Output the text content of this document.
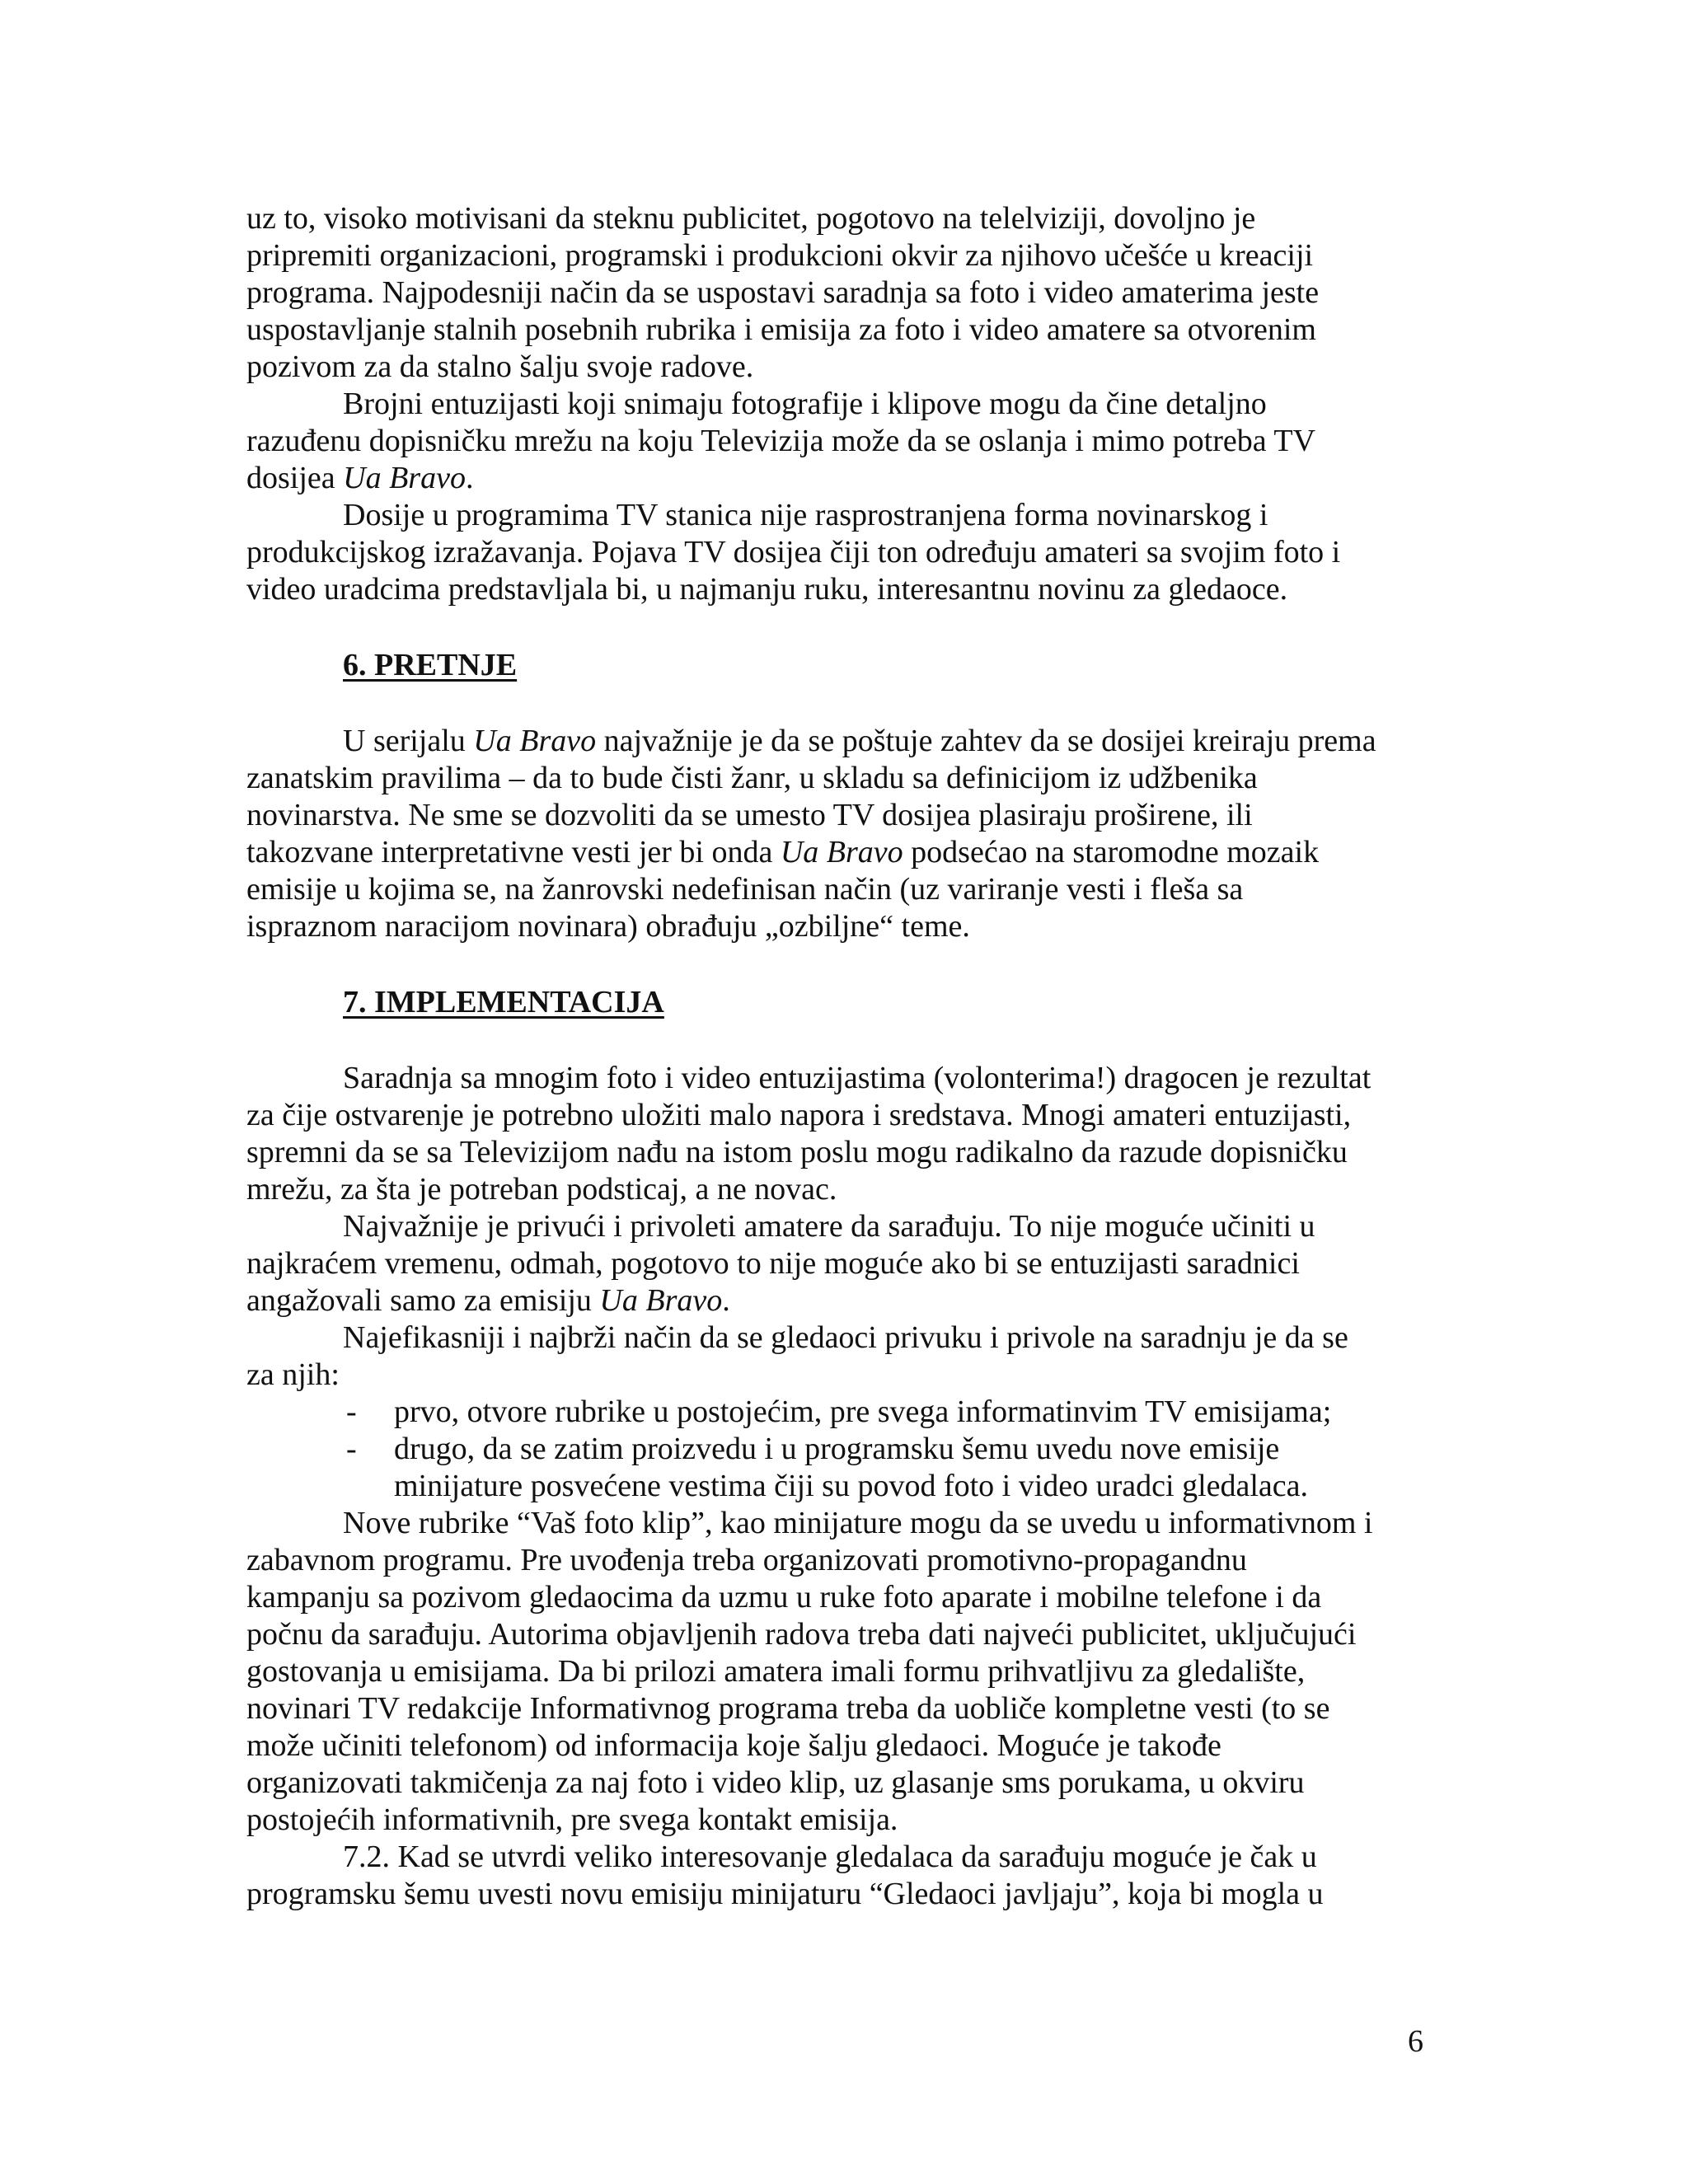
uz to, visoko motivisani da steknu publicitet, pogotovo na telelviziji, dovoljno je

pripremiti organizacioni, programski i produkcioni okvir za njihovo učešće u kreaciji

programa. Najpodesniji način da se uspostavi saradnja sa foto i video amaterima jeste

uspostavljanje stalnih posebnih rubrika i emisija za foto i video amatere sa otvorenim

pozivom za da stalno šalju svoje radove.

Brojni entuzijasti koji snimaju fotografije i klipove mogu da čine detaljno

razuđenu dopisničku mrežu na koju Televizija može da se oslanja i mimo potreba TV

dosijea Ua Bravo.

Dosije u programima TV stanica nije rasprostranjena forma novinarskog i

produkcijskog izražavanja. Pojava TV dosijea čiji ton određuju amateri sa svojim foto i

video uradcima predstavljala bi, u najmanju ruku, interesantnu novinu za gledaoce.

6. PRETNJE

U serijalu Ua Bravo najvažnije je da se poštuje zahtev da se dosijei kreiraju prema

zanatskim pravilima – da to bude čisti žanr, u skladu sa definicijom iz udžbenika

novinarstva. Ne sme se dozvoliti da se umesto TV dosijea plasiraju proširene, ili

takozvane interpretativne vesti jer bi onda Ua Bravo podsećao na staromodne mozaik

emisije u kojima se, na žanrovski nedefinisan način (uz variranje vesti i fleša sa

ispraznom naracijom novinara) obrađuju „ozbiljne“ teme.

7. IMPLEMENTACIJA

Saradnja sa mnogim foto i video entuzijastima (volonterima!) dragocen je rezultat

za čije ostvarenje je potrebno uložiti malo napora i sredstava. Mnogi amateri entuzijasti,

spremni da se sa Televizijom nađu na istom poslu mogu radikalno da razude dopisničku

mrežu, za šta je potreban podsticaj, a ne novac.

Najvažnije je privući i privoleti amatere da sarađuju. To nije moguće učiniti u

najkraćem vremenu, odmah, pogotovo to nije moguće ako bi se entuzijasti saradnici

angažovali samo za emisiju Ua Bravo.

Najefikasniji i najbrži način da se gledaoci privuku i privole na saradnju je da se

za njih:

- prvo, otvore rubrike u postojećim, pre svega informatinvim TV emisijama;

- drugo, da se zatim proizvedu i u programsku šemu uvedu nove emisije

minijature posvećene vestima čiji su povod foto i video uradci gledalaca.

Nove rubrike “Vaš foto klip”, kao minijature mogu da se uvedu u informativnom i

zabavnom programu. Pre uvođenja treba organizovati promotivno-propagandnu

kampanju sa pozivom gledaocima da uzmu u ruke foto aparate i mobilne telefone i da

počnu da sarađuju. Autorima objavljenih radova treba dati najveći publicitet, uključujući

gostovanja u emisijama. Da bi prilozi amatera imali formu prihvatljivu za gledalište,

novinari TV redakcije Informativnog programa treba da uobliče kompletne vesti (to se

može učiniti telefonom) od informacija koje šalju gledaoci. Moguće je takođe

organizovati takmičenja za naj foto i video klip, uz glasanje sms porukama, u okviru

postojećih informativnih, pre svega kontakt emisija.

7.2. Kad se utvrdi veliko interesovanje gledalaca da sarađuju moguće je čak u

programsku šemu uvesti novu emisiju minijaturu “Gledaoci javljaju”, koja bi mogla u

6
